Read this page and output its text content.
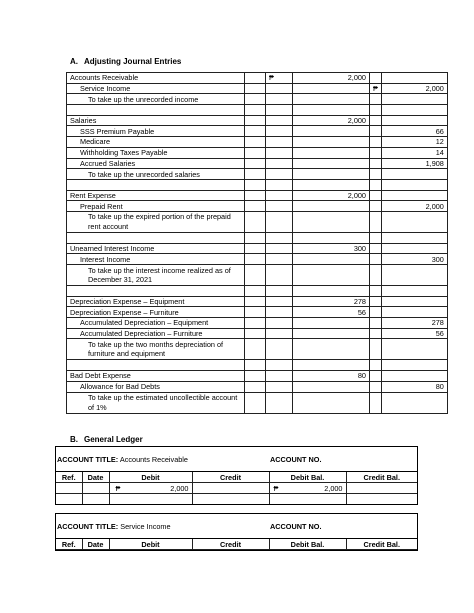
A. Adjusting Journal Entries
Accounts Receivable		₱	2,000		
Service Income				₱	2,000
To take up the unrecorded income					

Salaries			2,000		
SSS Premium Payable					66
Medicare					12
Withholding Taxes Payable					14
Accrued Salaries					1,908
To take up the unrecorded salaries					

Rent Expense			2,000		
Prepaid Rent					2,000
To take up the expired portion of the prepaid rent account					

Unearned Interest Income			300		
Interest Income					300
To take up the interest income realized as of December 31, 2021					

Depreciation Expense – Equipment			278		
Depreciation Expense – Furniture			56		
Accumulated Depreciation – Equipment					278
Accumulated Depreciation – Furniture					56
To take up the two months depreciation of furniture and equipment					

Bad Debt Expense			80		
Allowance for Bad Debts					80
To take up the estimated uncollectible account of 1%					
B. General Ledger
ACCOUNT TITLE: Accounts Receivable	ACCOUNT NO.
Ref.	Date	Debit	Credit	Debit Bal.	Credit Bal.

		₱ 2,000		₱ 2,000	

ACCOUNT TITLE: Service Income	ACCOUNT NO.
Ref.	Date	Debit	Credit	Debit Bal.	Credit Bal.
